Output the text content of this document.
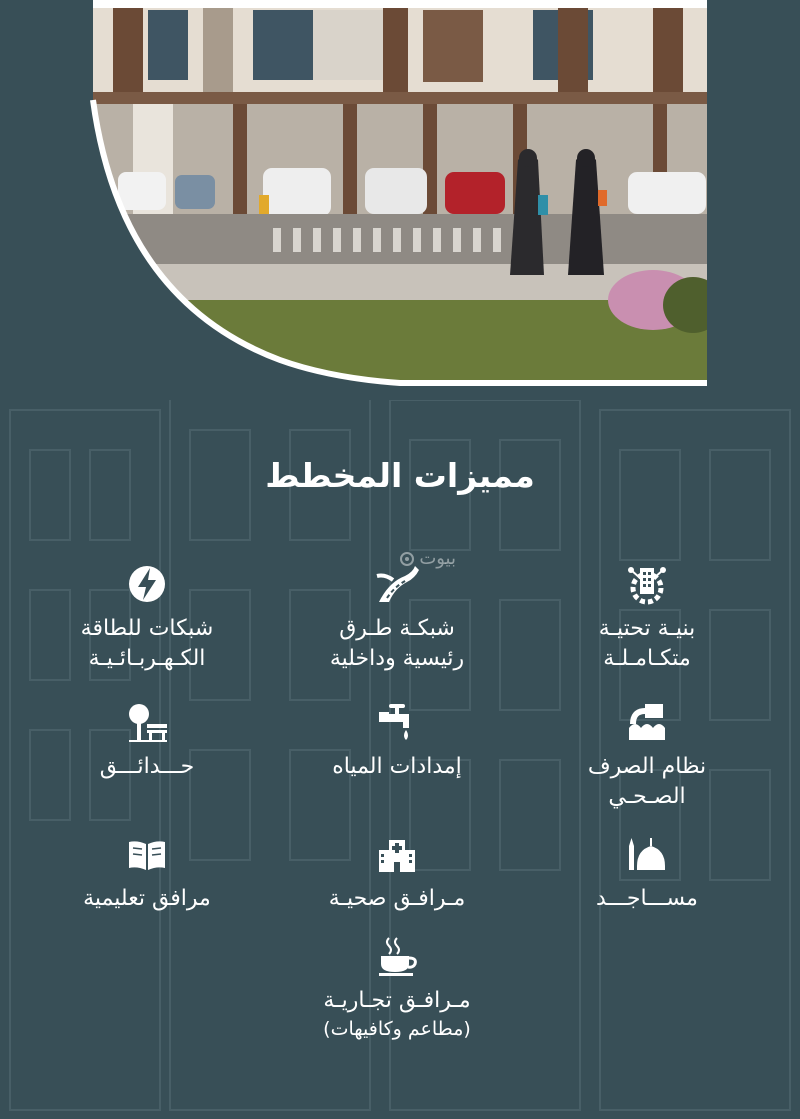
مميزات المخطط
بيوت
بنيـة تحتيـة
متكـامـلـة
شبكـة طـرق
رئيسية وداخلية
شبكات للطاقة
الكـهـربـائـيـة
نظام الصرف
الصـحـي
إمدادات المياه
حـــدائـــق
مســـاجـــد
مـرافـق صحيـة
مرافق تعليمية
مـرافـق تجـاريـة
(مطاعم وكافيهات)
